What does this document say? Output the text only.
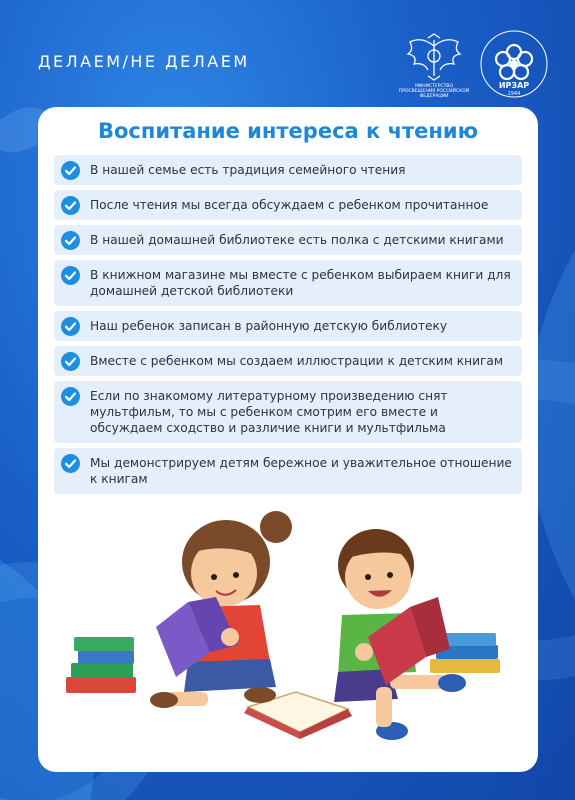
ДЕЛАЕМ/НЕ ДЕЛАЕМ
МИНИСТЕРСТВО ПРОСВЕЩЕНИЯ РОССИЙСКОЙ ФЕДЕРАЦИИ
ИРЗАР
1944
Воспитание интереса к чтению
В нашей семье есть традиция семейного чтения
После чтения мы всегда обсуждаем с ребенком прочитанное
В нашей домашней библиотеке есть полка с детскими книгами
В книжном магазине мы вместе с ребенком выбираем книги для домашней детской библиотеки
Наш ребенок записан в районную детскую библиотеку
Вместе с ребенком мы создаем иллюстрации к детским книгам
Если по знакомому литературному произведению снят мультфильм, то мы с ребенком смотрим его вместе и обсуждаем сходство и различие книги и мультфильма
Мы демонстрируем детям бережное и уважительное отношение к книгам
